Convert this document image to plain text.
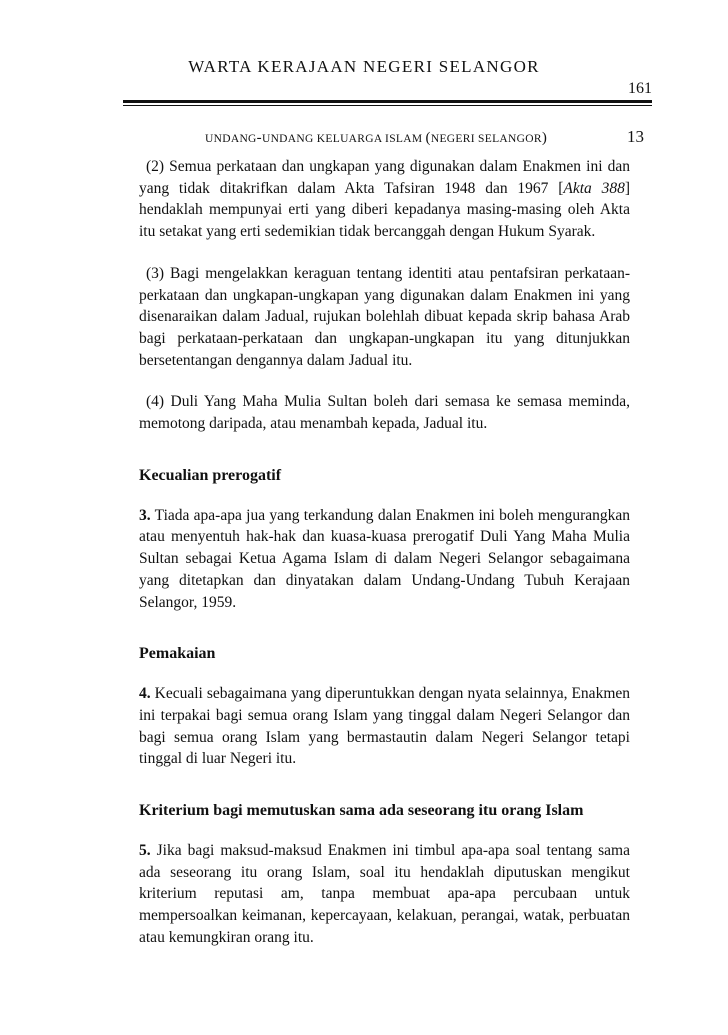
WARTA KERAJAAN NEGERI SELANGOR
161
UNDANG-UNDANG KELUARGA ISLAM (NEGERI SELANGOR)	13

(2) Semua perkataan dan ungkapan yang digunakan dalam Enakmen ini dan yang tidak ditakrifkan dalam Akta Tafsiran 1948 dan 1967 [Akta 388] hendaklah mempunyai erti yang diberi kepadanya masing-masing oleh Akta itu setakat yang erti sedemikian tidak bercanggah dengan Hukum Syarak.

(3) Bagi mengelakkan keraguan tentang identiti atau pentafsiran perkataan-perkataan dan ungkapan-ungkapan yang digunakan dalam Enakmen ini yang disenaraikan dalam Jadual, rujukan bolehlah dibuat kepada skrip bahasa Arab bagi perkataan-perkataan dan ungkapan-ungkapan itu yang ditunjukkan bersetentangan dengannya dalam Jadual itu.

(4) Duli Yang Maha Mulia Sultan boleh dari semasa ke semasa meminda, memotong daripada, atau menambah kepada, Jadual itu.

Kecualian prerogatif

3. Tiada apa-apa jua yang terkandung dalan Enakmen ini boleh mengurangkan atau menyentuh hak-hak dan kuasa-kuasa prerogatif Duli Yang Maha Mulia Sultan sebagai Ketua Agama Islam di dalam Negeri Selangor sebagaimana yang ditetapkan dan dinyatakan dalam Undang-Undang Tubuh Kerajaan Selangor, 1959.

Pemakaian

4. Kecuali sebagaimana yang diperuntukkan dengan nyata selainnya, Enakmen ini terpakai bagi semua orang Islam yang tinggal dalam Negeri Selangor dan bagi semua orang Islam yang bermastautin dalam Negeri Selangor tetapi tinggal di luar Negeri itu.

Kriterium bagi memutuskan sama ada seseorang itu orang Islam

5. Jika bagi maksud-maksud Enakmen ini timbul apa-apa soal tentang sama ada seseorang itu orang Islam, soal itu hendaklah diputuskan mengikut kriterium reputasi am, tanpa membuat apa-apa percubaan untuk mempersoalkan keimanan, kepercayaan, kelakuan, perangai, watak, perbuatan atau kemungkiran orang itu.
